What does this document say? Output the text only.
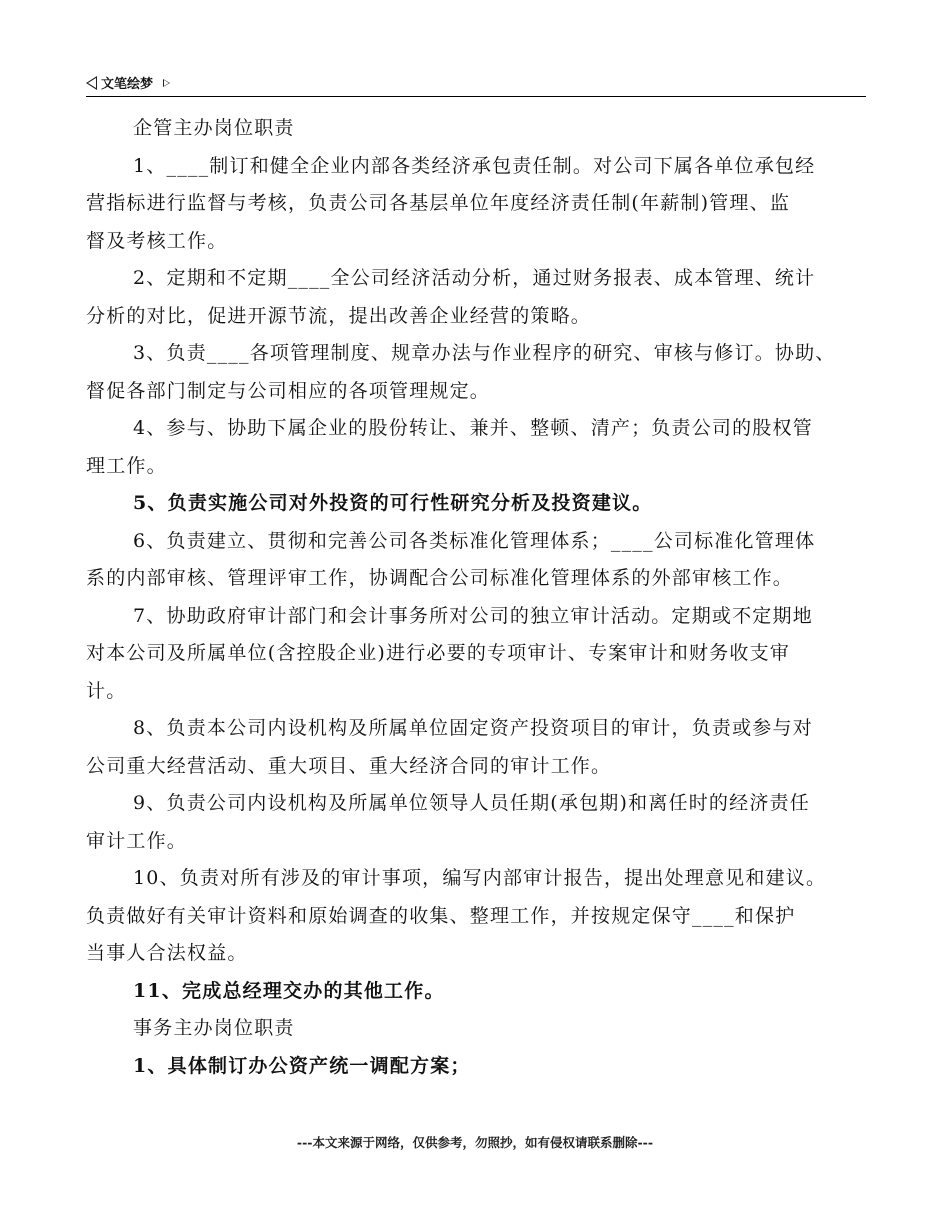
文笔绘梦

企管主办岗位职责

1、____制订和健全企业内部各类经济承包责任制。对公司下属各单位承包经

营指标进行监督与考核，负责公司各基层单位年度经济责任制(年薪制)管理、监

督及考核工作。

2、定期和不定期____全公司经济活动分析，通过财务报表、成本管理、统计

分析的对比，促进开源节流，提出改善企业经营的策略。

3、负责____各项管理制度、规章办法与作业程序的研究、审核与修订。协助、

督促各部门制定与公司相应的各项管理规定。

4、参与、协助下属企业的股份转让、兼并、整顿、清产；负责公司的股权管

理工作。

5、负责实施公司对外投资的可行性研究分析及投资建议。

6、负责建立、贯彻和完善公司各类标准化管理体系；____公司标准化管理体

系的内部审核、管理评审工作，协调配合公司标准化管理体系的外部审核工作。

7、协助政府审计部门和会计事务所对公司的独立审计活动。定期或不定期地

对本公司及所属单位(含控股企业)进行必要的专项审计、专案审计和财务收支审

计。

8、负责本公司内设机构及所属单位固定资产投资项目的审计，负责或参与对

公司重大经营活动、重大项目、重大经济合同的审计工作。

9、负责公司内设机构及所属单位领导人员任期(承包期)和离任时的经济责任

审计工作。

10、负责对所有涉及的审计事项，编写内部审计报告，提出处理意见和建议。

负责做好有关审计资料和原始调查的收集、整理工作，并按规定保守____和保护

当事人合法权益。

11、完成总经理交办的其他工作。

事务主办岗位职责

1、具体制订办公资产统一调配方案；

---本文来源于网络，仅供参考，勿照抄，如有侵权请联系删除---
